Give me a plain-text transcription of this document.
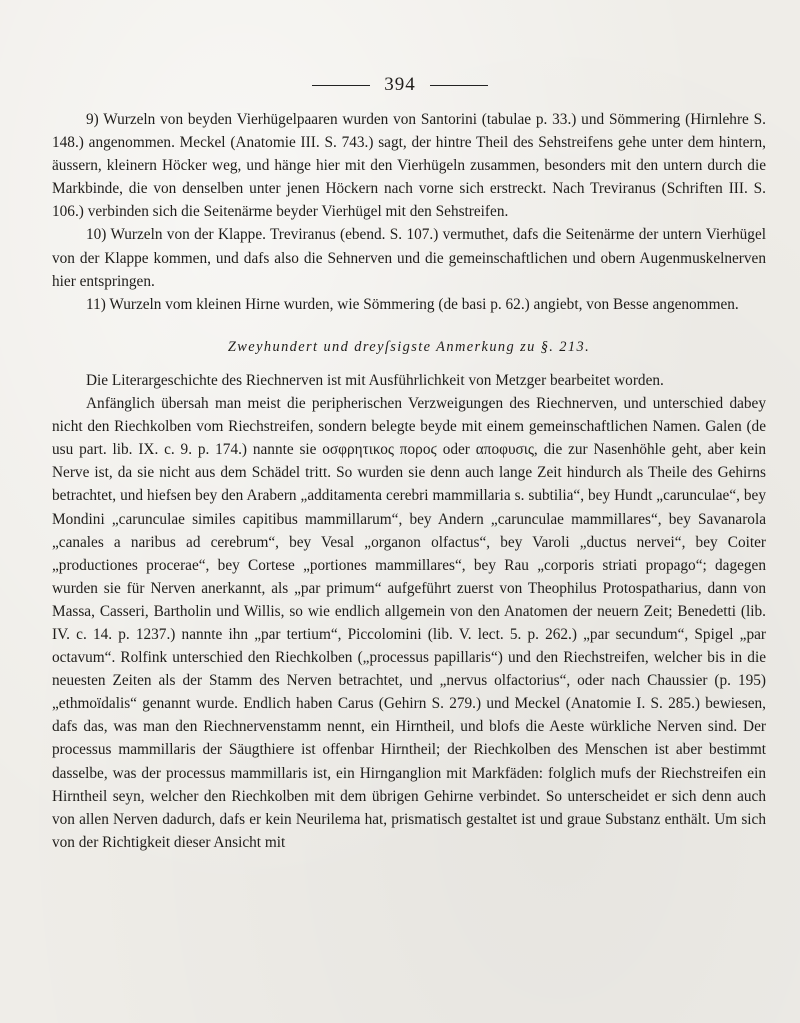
394

9) Wurzeln von beyden Vierhügelpaaren wurden von Santorini (tabulae p. 33.) und Sömmering (Hirnlehre S. 148.) angenommen. Meckel (Anatomie III. S. 743.) sagt, der hintre Theil des Sehstreifens gehe unter dem hintern, äussern, kleinern Höcker weg, und hänge hier mit den Vierhügeln zusammen, besonders mit den untern durch die Markbinde, die von denselben unter jenen Höckern nach vorne sich erstreckt. Nach Treviranus (Schriften III. S. 106.) verbinden sich die Seitenärme beyder Vierhügel mit den Sehstreifen.

10) Wurzeln von der Klappe. Treviranus (ebend. S. 107.) vermuthet, dafs die Seitenärme der untern Vierhügel von der Klappe kommen, und dafs also die Sehnerven und die gemeinschaftlichen und obern Augenmuskelnerven hier entspringen.

11) Wurzeln vom kleinen Hirne wurden, wie Sömmering (de basi p. 62.) angiebt, von Besse angenommen.

Zweyhundert und dreyſsigste Anmerkung zu §. 213.

Die Literargeschichte des Riechnerven ist mit Ausführlichkeit von Metzger bearbeitet worden.

Anfänglich übersah man meist die peripherischen Verzweigungen des Riechnerven, und unterschied dabey nicht den Riechkolben vom Riechstreifen, sondern belegte beyde mit einem gemeinschaftlichen Namen. Galen (de usu part. lib. IX. c. 9. p. 174.) nannte sie οσφρητικος ποροϛ oder αποφυσις, die zur Nasenhöhle geht, aber kein Nerve ist, da sie nicht aus dem Schädel tritt. So wurden sie denn auch lange Zeit hindurch als Theile des Gehirns betrachtet, und hiefsen bey den Arabern „additamenta cerebri mammillaria s. subtilia“, bey Hundt „carunculae“, bey Mondini „carunculae similes capitibus mammillarum“, bey Andern „carunculae mammillares“, bey Savanarola „canales a naribus ad cerebrum“, bey Vesal „organon olfactus“, bey Varoli „ductus nervei“, bey Coiter „productiones procerae“, bey Cortese „portiones mammillares“, bey Rau „corporis striati propago“; dagegen wurden sie für Nerven anerkannt, als „par primum“ aufgeführt zuerst von Theophilus Protospatharius, dann von Massa, Casseri, Bartholin und Willis, so wie endlich allgemein von den Anatomen der neuern Zeit; Benedetti (lib. IV. c. 14. p. 1237.) nannte ihn „par tertium“, Piccolomini (lib. V. lect. 5. p. 262.) „par secundum“, Spigel „par octavum“. Rolfink unterschied den Riechkolben („processus papillaris“) und den Riechstreifen, welcher bis in die neuesten Zeiten als der Stamm des Nerven betrachtet, und „nervus olfactorius“, oder nach Chaussier (p. 195) „ethmoïdalis“ genannt wurde. Endlich haben Carus (Gehirn S. 279.) und Meckel (Anatomie I. S. 285.) bewiesen, dafs das, was man den Riechnervenstamm nennt, ein Hirntheil, und blofs die Aeste würkliche Nerven sind. Der processus mammillaris der Säugthiere ist offenbar Hirntheil; der Riechkolben des Menschen ist aber bestimmt dasselbe, was der processus mammillaris ist, ein Hirnganglion mit Markfäden: folglich mufs der Riechstreifen ein Hirntheil seyn, welcher den Riechkolben mit dem übrigen Gehirne verbindet. So unterscheidet er sich denn auch von allen Nerven dadurch, dafs er kein Neurilema hat, prismatisch gestaltet ist und graue Substanz enthält. Um sich von der Richtigkeit dieser Ansicht mit
